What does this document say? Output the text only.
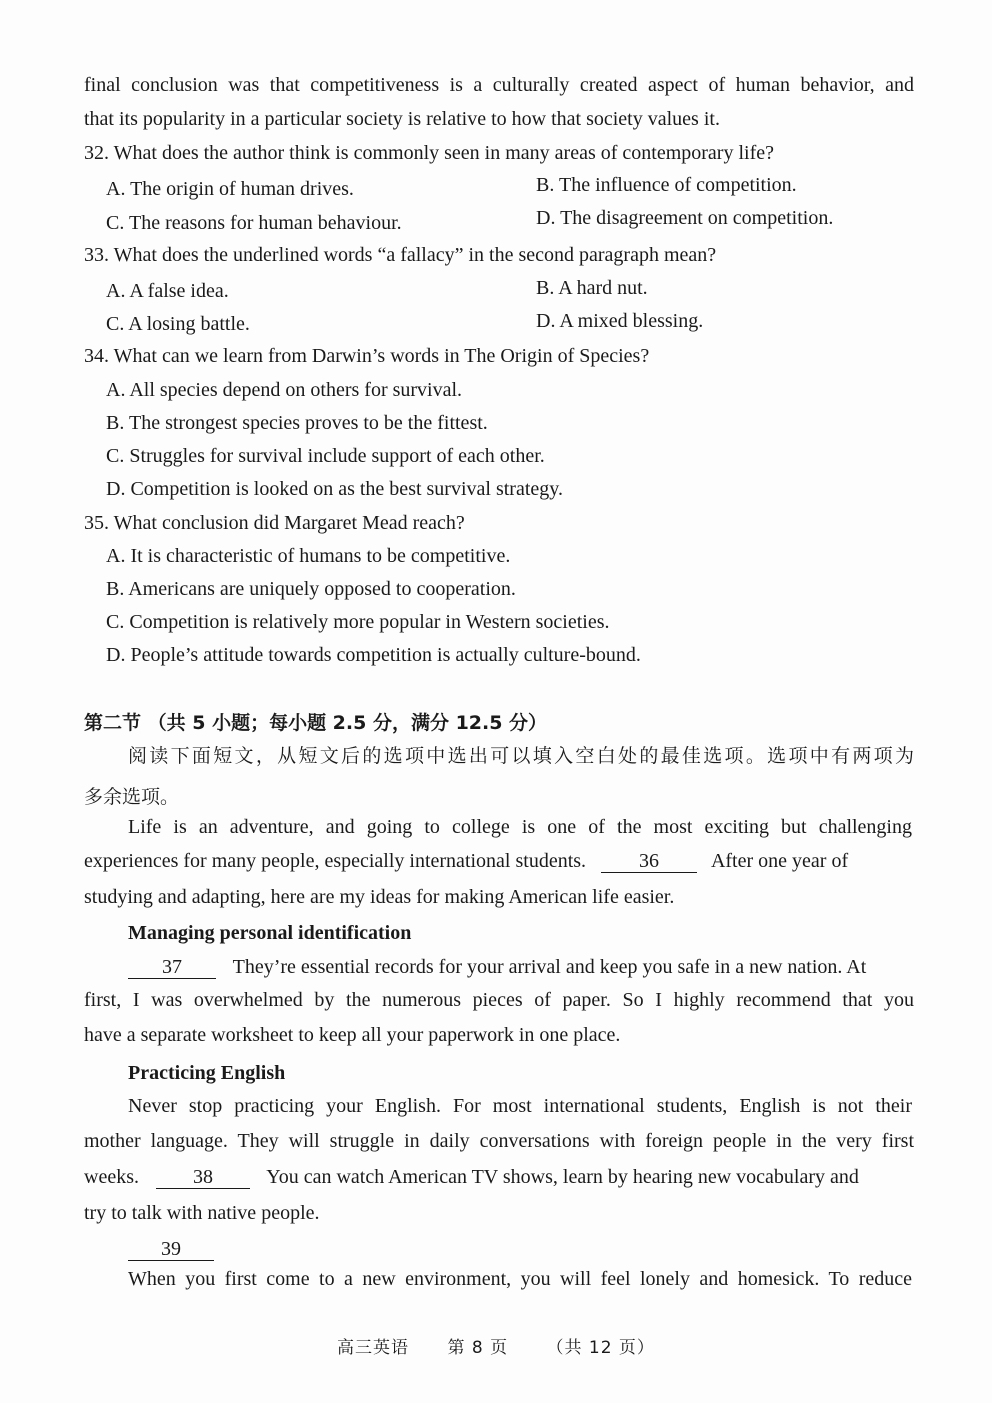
final conclusion was that competitiveness is a culturally created aspect of human behavior, and
that its popularity in a particular society is relative to how that society values it.
32. What does the author think is commonly seen in many areas of contemporary life?
A. The origin of human drives.	B. The influence of competition.
C. The reasons for human behaviour.	D. The disagreement on competition.
33. What does the underlined words “a fallacy” in the second paragraph mean?
A. A false idea.	B. A hard nut.
C. A losing battle.	D. A mixed blessing.
34. What can we learn from Darwin’s words in The Origin of Species?
A. All species depend on others for survival.
B. The strongest species proves to be the fittest.
C. Struggles for survival include support of each other.
D. Competition is looked on as the best survival strategy.
35. What conclusion did Margaret Mead reach?
A. It is characteristic of humans to be competitive.
B. Americans are uniquely opposed to cooperation.
C. Competition is relatively more popular in Western societies.
D. People’s attitude towards competition is actually culture-bound.
第二节 （共 5 小题；每小题 2.5 分，满分 12.5 分）
阅读下面短文，从短文后的选项中选出可以填入空白处的最佳选项。选项中有两项为
多余选项。
Life is an adventure, and going to college is one of the most exciting but challenging
experiences for many people, especially international students.	36	After one year of
studying and adapting, here are my ideas for making American life easier.
Managing personal identification
37	They’re essential records for your arrival and keep you safe in a new nation. At
first, I was overwhelmed by the numerous pieces of paper. So I highly recommend that you
have a separate worksheet to keep all your paperwork in one place.
Practicing English
Never stop practicing your English. For most international students, English is not their
mother language. They will struggle in daily conversations with foreign people in the very first
weeks.	38	You can watch American TV shows, learn by hearing new vocabulary and
try to talk with native people.
39
When you first come to a new environment, you will feel lonely and homesick. To reduce
高三英语 第 8 页 （共 12 页）
